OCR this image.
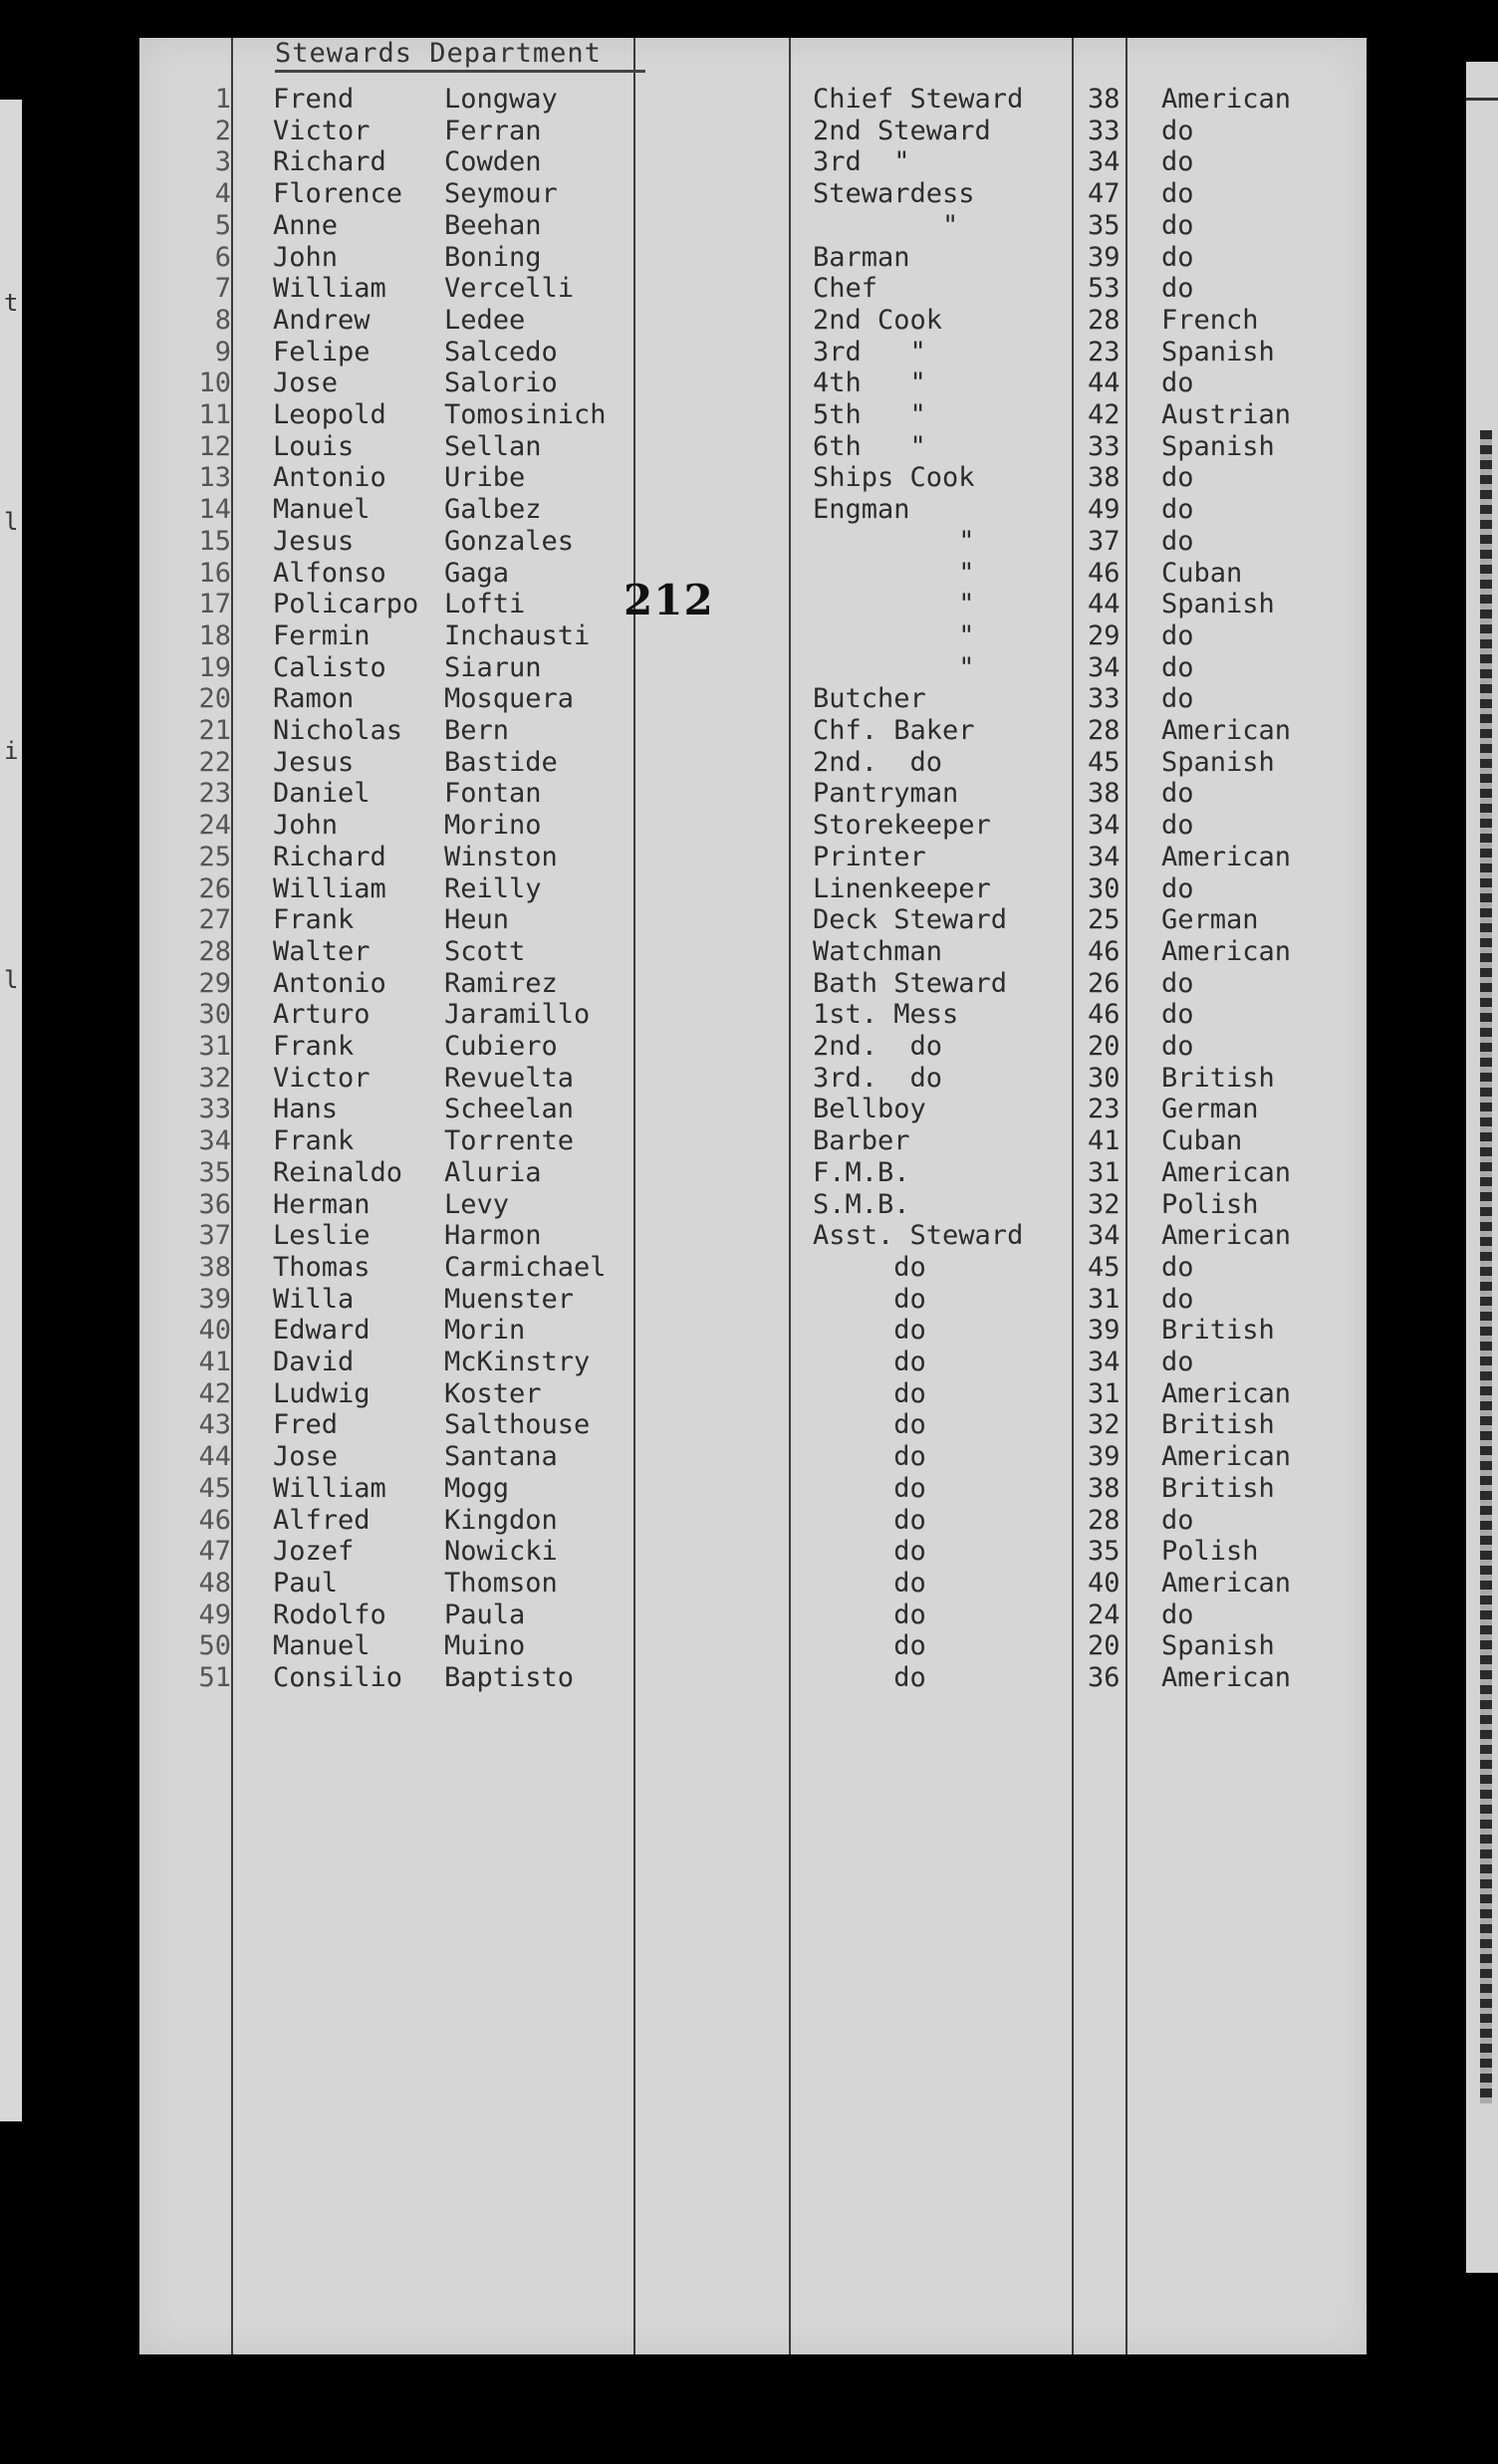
t
l
i
l
Stewards Department
212
1 Frend	Longway	Chief Steward 38	American
2 Victor	Ferran	2nd Steward	33	do
3 Richard Cowden	3rd  "	34	do
4 Florence Seymour	Stewardess	47	do
5 Anne	Beehan	"	35	do
6 John	Boning	Barman	39	do
7 William Vercelli	Chef	53	do
8 Andrew	Ledee	2nd Cook	28	French
9 Felipe	Salcedo	3rd   "	23	Spanish
10 Jose	Salorio	4th   "	44	do
11 Leopold Tomosinich	5th   "	42	Austrian
12 Louis	Sellan	6th   "	33	Spanish
13 Antonio Uribe	Ships Cook	38	do
14 Manuel	Galbez	Engman	49	do
15 Jesus	Gonzales	"	37	do
16 Alfonso Gaga	"	46	Cuban
17 Policarpo Lofti	"	44	Spanish
18 Fermin	Inchausti	"	29	do
19 Calisto Siarun	"	34	do
20 Ramon	Mosquera	Butcher	33	do
21 Nicholas Bern	Chf. Baker	28	American
22 Jesus	Bastide	2nd.  do	45	Spanish
23 Daniel	Fontan	Pantryman	38	do
24 John	Morino	Storekeeper	34	do
25 Richard Winston	Printer	34	American
26 William Reilly	Linenkeeper	30	do
27 Frank	Heun	Deck Steward	25	German
28 Walter	Scott	Watchman	46	American
29 Antonio Ramirez	Bath Steward	26	do
30 Arturo	Jaramillo	1st. Mess	46	do
31 Frank	Cubiero	2nd.  do	20	do
32 Victor	Revuelta	3rd.  do	30	British
33 Hans	Scheelan	Bellboy	23	German
34 Frank	Torrente	Barber	41	Cuban
35 Reinaldo Aluria	F.M.B.	31	American
36 Herman	Levy	S.M.B.	32	Polish
37 Leslie	Harmon	Asst. Steward 34	American
38 Thomas	Carmichael	do	45	do
39 Willa	Muenster	do	31	do
40 Edward	Morin	do	39	British
41 David	McKinstry	do	34	do
42 Ludwig	Koster	do	31	American
43 Fred	Salthouse	do	32	British
44 Jose	Santana	do	39	American
45 William Mogg	do	38	British
46 Alfred	Kingdon	do	28	do
47 Jozef	Nowicki	do	35	Polish
48 Paul	Thomson	do	40	American
49 Rodolfo Paula	do	24	do
50 Manuel	Muino	do	20	Spanish
51 Consilio Baptisto	do	36	American
